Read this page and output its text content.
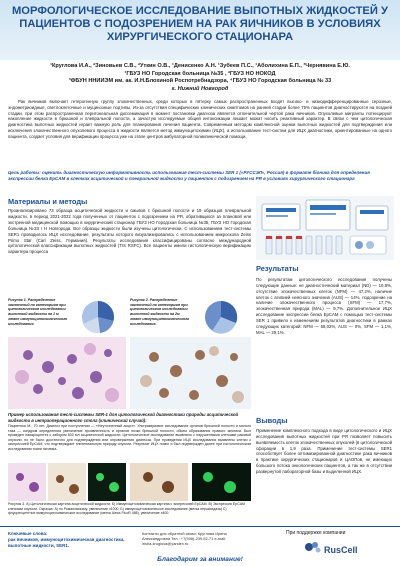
МОРФОЛОГИЧЕСКОЕ ИССЛЕДОВАНИЕ ВЫПОТНЫХ ЖИДКОСТЕЙ У ПАЦИЕНТОВ С ПОДОЗРЕНИЕМ НА РАК ЯИЧНИКОВ В УСЛОВИЯХ ХИРУРГИЧЕСКОГО СТАЦИОНАРА
¹Круглова И.А., ²Зиновьев С.В., ²Уткин О.В., ¹Денисенко А.Н. ¹Зубеев П.С., ¹Аболихина Е.П., ³Чернявина Е.Ю.
¹ГБУЗ НО Городская больница №35 , ²ГБУЗ НО НОКОД
³ФБУН ННИИЭМ им. ак. И.Н.Блохиной Роспотребнадзора, ⁴ГБУЗ НО Городская больница № 33
г. Нижний Новгород
Рак яичников включает гетерогенную группу злокачественных, среди которых в пятерку самых распространенных входят высоко- и низкодифференцированные серозные, эндометриоидные, светлоклеточные и муцинозные подтипы. Из-за отсутствия специфических клинических симптомов на ранней стадии более 75% пациентов диагностируются на поздней стадии, при этом распространенная перитонеальная диссеминация в момент постановки диагноза является отличительной чертой рака яичников. Опухолевые мигранты потенцируют накопление жидкости в брюшной и плевральной полости, а зачастую исследуемые общей интоксикации лишает можат носить реактивный характер. В связи с чем цитологическая диагностика выпотных жидкостей играет важную роль для планирования лечения пациента. Современным методом комплексной оценки выпотных жидкостей для подтверждения или исключения злокачественного опухолевого процесса в жидкости является метод иммуноцитохимии (ИЦХ), а использование тест-систем для ИЦХ диагностики, ориентированные на одного пациента, создает условия для верификации процесса уже на этапе центров амбулаторной поликлинической помощи.
Цель работы: оценить диагностическую информативность использования тест-системы SER 1 («РУССЭЛ», Россия) в формате біоника для определения экспрессии белка EpCAM в клетках асцитической и плевральной жидкости у пациенток с подозрением на РЯ в условиях хирургического стационара
Материалы и методы
Проанализировано 73 образца асцитической жидкости и смывов с брюшной полости и 19 образцов плевральной жидкости, в период 2021-2022 года полученных от пациенток с подозрением на РЯ, обративщихся за плановой или экстренной медицинской помощью в хирургический стационар ГБУЗ НО Городская больница №35, ГБУЗ НО Городская больница №33 г Н Новгорода. Все образцы жидкости были изучены цитологически. С использованием тест-системы SER1 проводилось ИЦХ исследование, результаты которого визуализировались с использованием микроскопа Zeiss Primo Star (Carl Zeiss, Германия). Результаты исследования классифицированы согласно международной цитологической классификации выпотных жидкостей (TIS RSFC). Все пациенты имели гистологическую верификацию характера процесса
Рисунок 1. Распределение заключений по категориям при цитологическом исследовании выпотной жидкости на 1 м этапе иммуноцитохимического исследования.
Рисунок 2. Распределение заключений по категориям при цитологическом исследовании выпотной жидкости на 2м этапе иммуноцитохимического исследования.
Результаты
По результатам цитологического исследования получены следующие данные: не диагностический материал (ND) — 10,8%, отсутствие злокачественных клеток (NFM) — 47,2%, наличие клеток с атипией неясного значения (AUS) — 14%, подозрение на наличие злокачественного процесса (SFM) — 17,7%, злокачественная природа (MAL) — 9,7%. Дополнительное ИЦХ исследование экспрессии белка EpCAM с помощью тест-системы SER 1 привело к изменениям результатов диагностики в рамках следующих категорий: NFM — 58,02%, AUS — 0%, SFM — 1,1%, MAL — 29,1%.
Выводы
Применение комплексного подхода в виде цитологического и ИЦХ исследования выпотных жидкостей при РЯ позволяет повысить выявляемость клеток злокачественных опухолей (в цитологической сфорации в 1,9 раза. Применение тест-системы SER1 способствует более оптимизированной диагностике рака яичников в практике хирургических стационаров и ЦАОПов, не имеющих большого потока онкологических пациентов, а так же в отсутствии развернутой лабораторной базы и выделенной ИЦХ.
Пример использования тест-системы SER-1 для цитологической диагностики природы асцитической жидкости в интраоперационного стола (клинический случай):
Пациентка М., 70 лет. Диагноз при поступлении — «Неуточненный асцит». Ультразвуковое исследование органов брюшной полости и малого таза — синдром определения увеличение проявленность и органов почки брюшной полости, обьем образования правого яичника. Был проведен лапароцентез с забором 600 мл асцитической жидкости. Цитологическое исследование выявляло с нарушенными клетками раковой опухоли, но не было достаточно для подтверждения или опровержения диагноза. При проведении ИЦХ исследования выявлены клетки с экспрессией EpCAM, что подтверждает эпителиальную природу опухоли. Результат ИЦХ помог и был подтвержден далее при гистологическом исследовании ткани яичника.
Рисунок 3. А) Цитологическая картина асцитической жидкости. Б) Иммуноцитохимическая картина с экспрессией EpCAM. В) Экспрессия EpCAM клетками опухоли. Окраска: А) по Романовскому, увеличение х1000, Б) иммуноцитохимическое исследование (метка пероксидаза) С) флуоресцентное иммуноцитохимическое исследование (метка Alexa FluoR 488), увеличение х400.
Ключевые слова:
рак яичников, иммуноцитохимическая диагностика, выпотные жидкости, SER1.
Контакты для обратной связи: Круглова Ирина Александровна Тел.: +7(908)-239-52-71 e-mail: irisha-kruglova@yandex.ru
При поддержке компании
RusCell
Благодарим за внимание!
